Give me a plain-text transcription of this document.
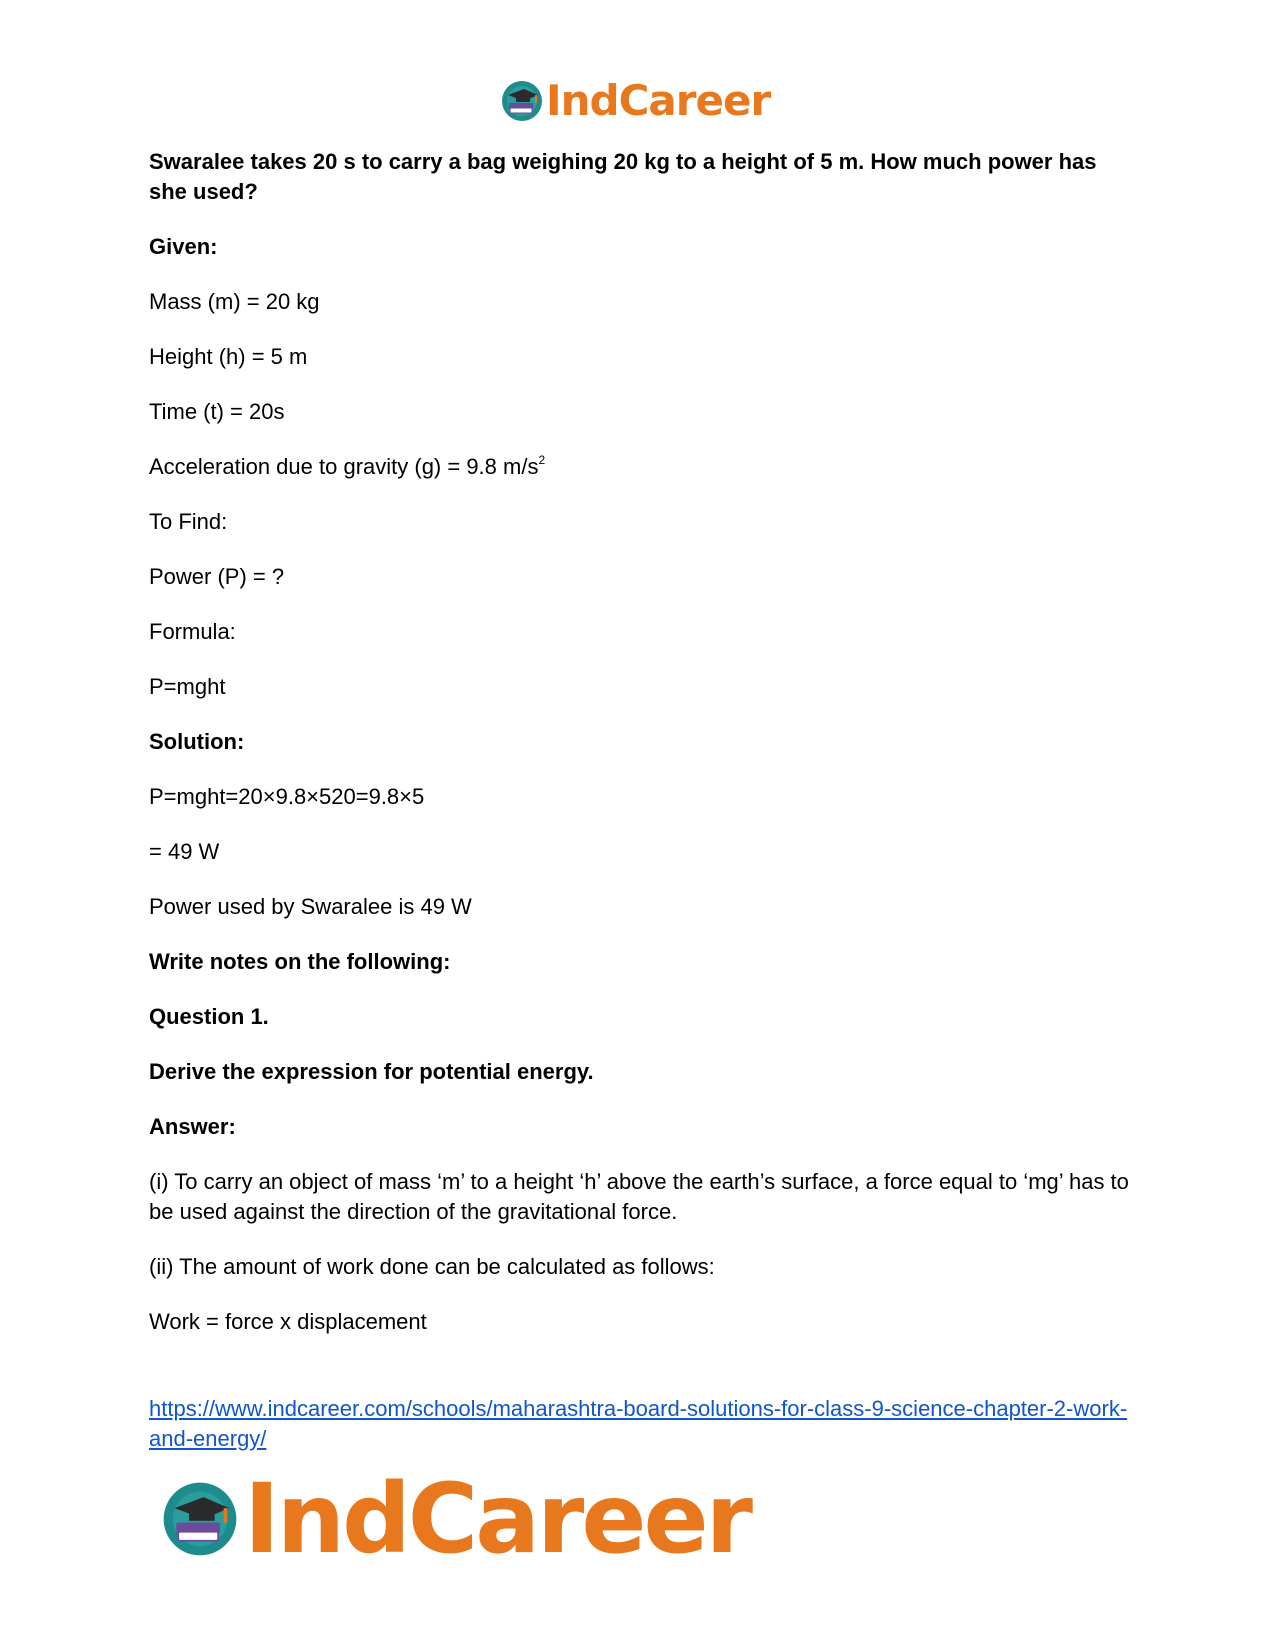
IndCareer

Swaralee takes 20 s to carry a bag weighing 20 kg to a height of 5 m. How much power has she used?

Given:

Mass (m) = 20 kg

Height (h) = 5 m

Time (t) = 20s

Acceleration due to gravity (g) = 9.8 $m/s^2$

To Find:

Power (P) = ?

Formula:

P=mght

Solution:

P=mght=20×9.8×520=9.8×5

= 49 W

Power used by Swaralee is 49 W

Write notes on the following:

Question 1.

Derive the expression for potential energy.

Answer:

(i) To carry an object of mass ‘m’ to a height ‘h’ above the earth’s surface, a force equal to ‘mg’ has to be used against the direction of the gravitational force.

(ii) The amount of work done can be calculated as follows:

Work = force x displacement

https://www.indcareer.com/schools/maharashtra-board-solutions-for-class-9-science-chapter-2-work-and-energy/
IndCareer
